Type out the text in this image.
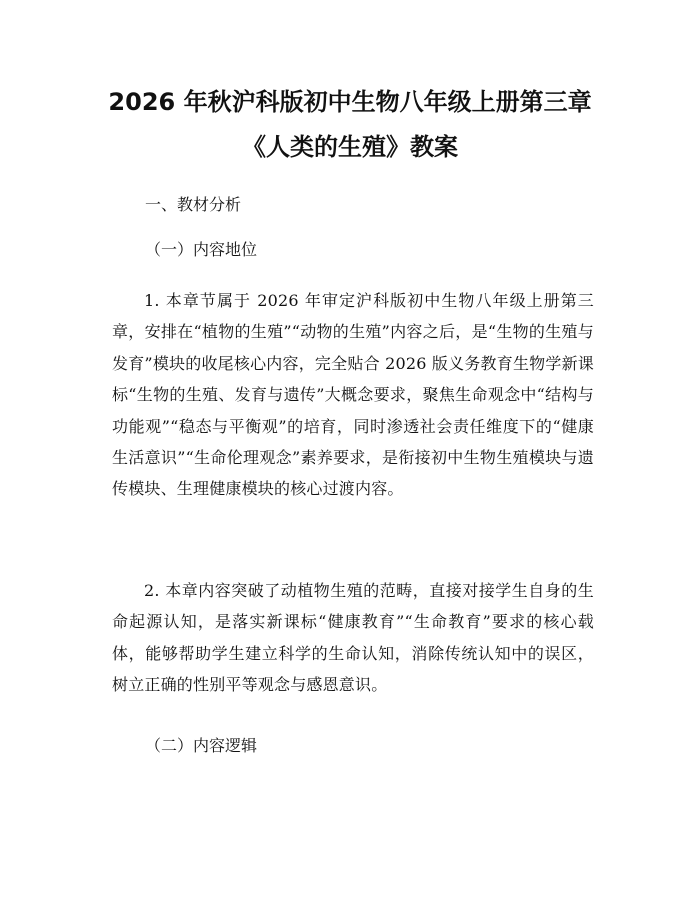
2026 年秋沪科版初中生物八年级上册第三章
《人类的生殖》教案
一、教材分析
（一）内容地位
1. 本章节属于 2026 年审定沪科版初中生物八年级上册第三章，安排在“植物的生殖”“动物的生殖”内容之后，是“生物的生殖与发育”模块的收尾核心内容，完全贴合 2026 版义务教育生物学新课标“生物的生殖、发育与遗传”大概念要求，聚焦生命观念中“结构与功能观”“稳态与平衡观”的培育，同时渗透社会责任维度下的“健康生活意识”“生命伦理观念”素养要求，是衔接初中生物生殖模块与遗传模块、生理健康模块的核心过渡内容。
2. 本章内容突破了动植物生殖的范畴，直接对接学生自身的生命起源认知，是落实新课标“健康教育”“生命教育”要求的核心载体，能够帮助学生建立科学的生命认知，消除传统认知中的误区，树立正确的性别平等观念与感恩意识。
（二）内容逻辑
